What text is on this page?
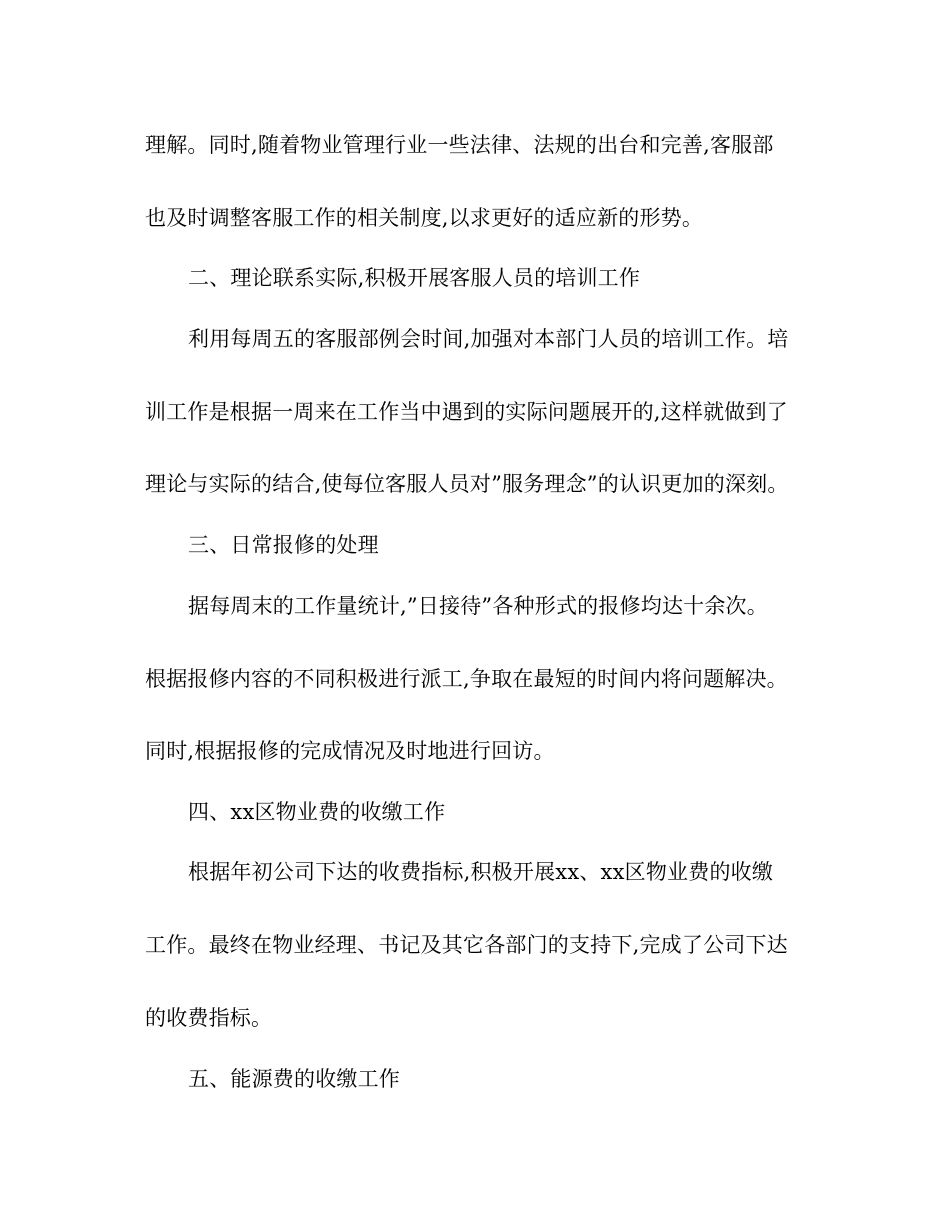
理解。同时,随着物业管理行业一些法律、法规的出台和完善,客服部
也及时调整客服工作的相关制度,以求更好的适应新的形势。
二、理论联系实际,积极开展客服人员的培训工作
利用每周五的客服部例会时间,加强对本部门人员的培训工作。培
训工作是根据一周来在工作当中遇到的实际问题展开的,这样就做到了
理论与实际的结合,使每位客服人员对”服务理念”的认识更加的深刻。
三、日常报修的处理
据每周末的工作量统计,”日接待”各种形式的报修均达十余次。
根据报修内容的不同积极进行派工,争取在最短的时间内将问题解决。
同时,根据报修的完成情况及时地进行回访。
四、xx区物业费的收缴工作
根据年初公司下达的收费指标,积极开展xx、xx区物业费的收缴
工作。最终在物业经理、书记及其它各部门的支持下,完成了公司下达
的收费指标。
五、能源费的收缴工作
